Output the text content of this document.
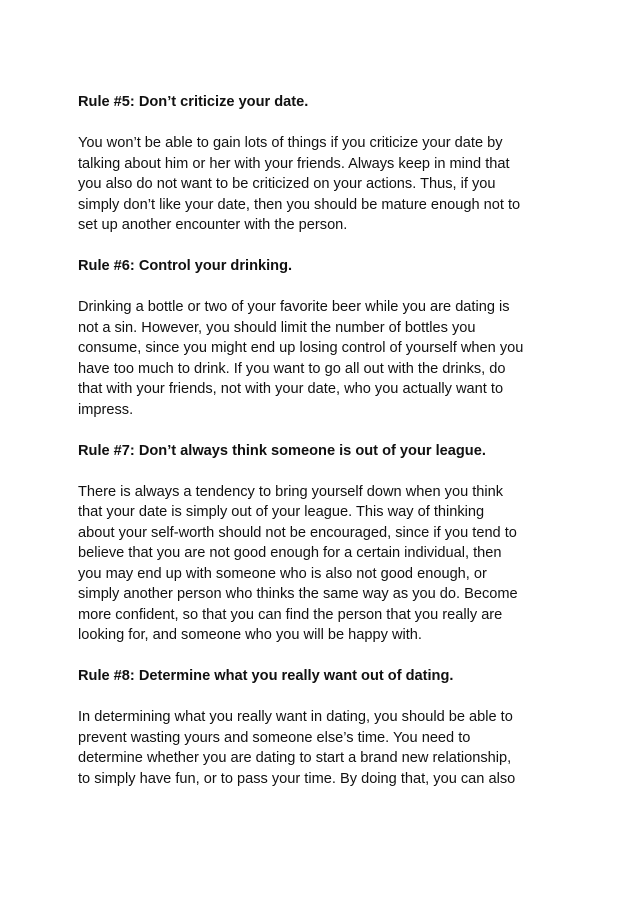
Rule #5: Don’t criticize your date.
You won’t be able to gain lots of things if you criticize your date by
talking about him or her with your friends. Always keep in mind that
you also do not want to be criticized on your actions. Thus, if you
simply don’t like your date, then you should be mature enough not to
set up another encounter with the person.
Rule #6: Control your drinking.
Drinking a bottle or two of your favorite beer while you are dating is
not a sin. However, you should limit the number of bottles you
consume, since you might end up losing control of yourself when you
have too much to drink. If you want to go all out with the drinks, do
that with your friends, not with your date, who you actually want to
impress.
Rule #7: Don’t always think someone is out of your league.
There is always a tendency to bring yourself down when you think
that your date is simply out of your league. This way of thinking
about your self-worth should not be encouraged, since if you tend to
believe that you are not good enough for a certain individual, then
you may end up with someone who is also not good enough, or
simply another person who thinks the same way as you do. Become
more confident, so that you can find the person that you really are
looking for, and someone who you will be happy with.
Rule #8: Determine what you really want out of dating.
In determining what you really want in dating, you should be able to
prevent wasting yours and someone else’s time. You need to
determine whether you are dating to start a brand new relationship,
to simply have fun, or to pass your time. By doing that, you can also
